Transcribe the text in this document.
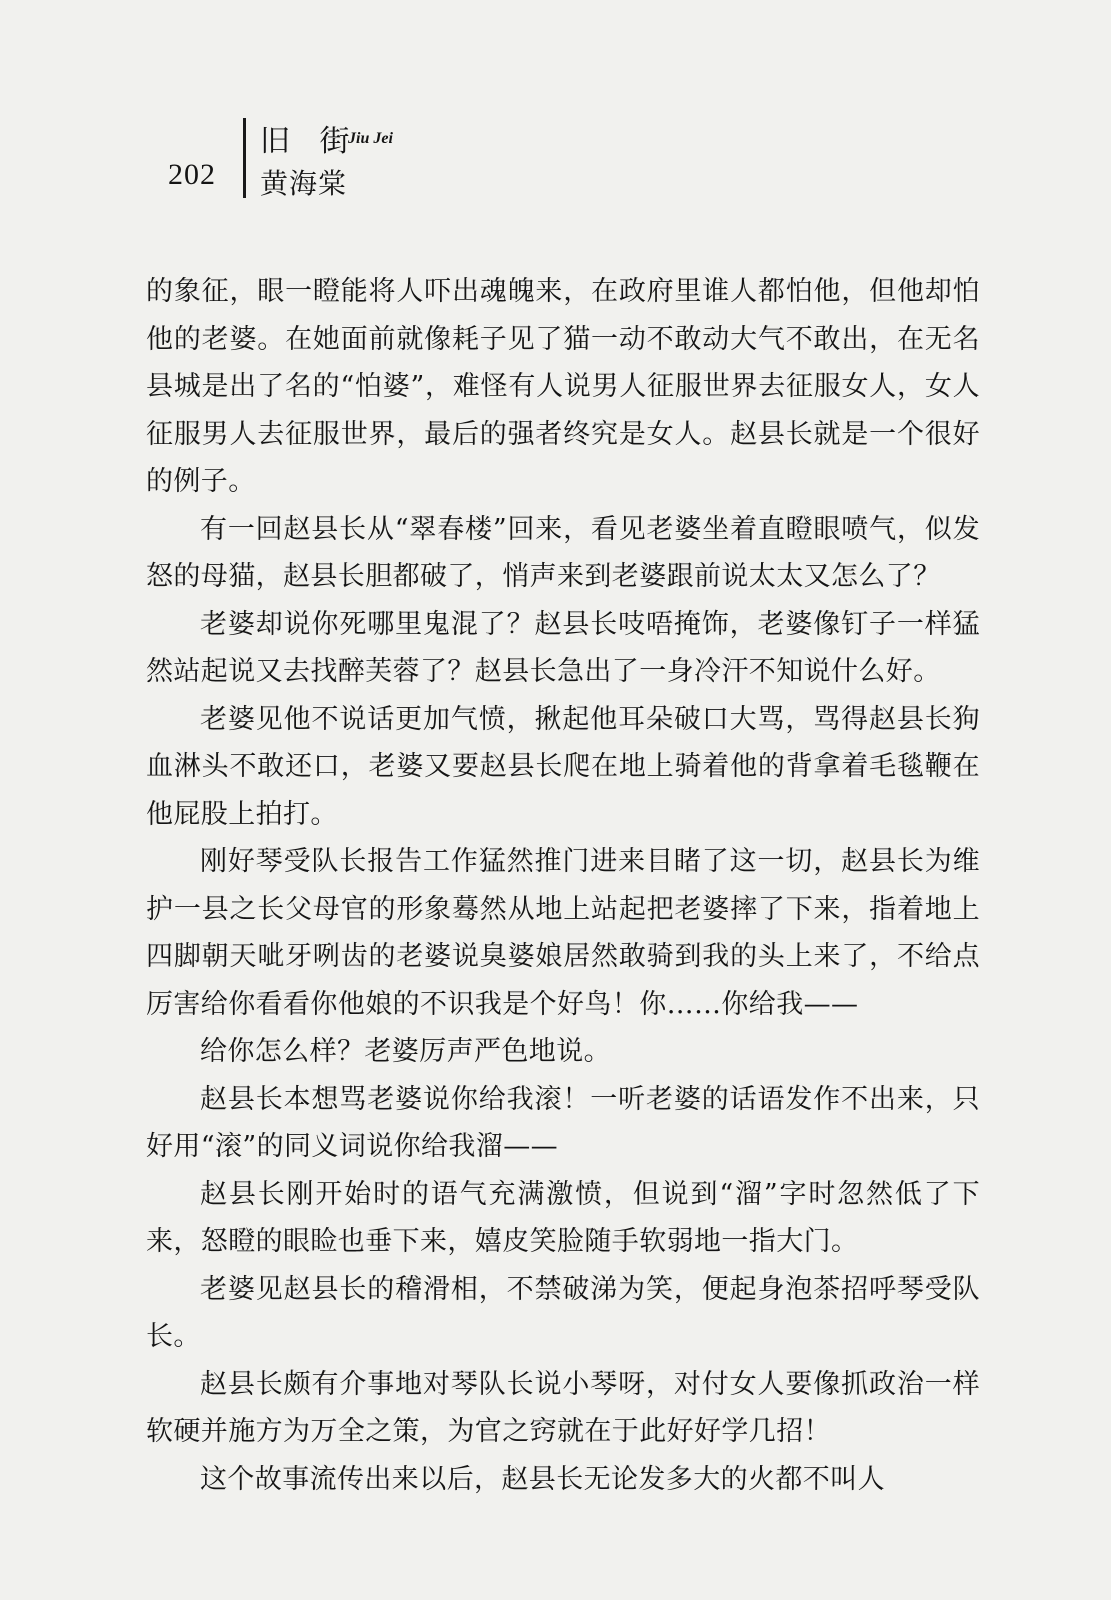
202
旧 街
Jiu Jei
黄海棠

的象征，眼一瞪能将人吓出魂魄来，在政府里谁人都怕他，但他却怕他的老婆。在她面前就像耗子见了猫一动不敢动大气不敢出，在无名县城是出了名的“怕婆”，难怪有人说男人征服世界去征服女人，女人征服男人去征服世界，最后的强者终究是女人。赵县长就是一个很好的例子。

有一回赵县长从“翠春楼”回来，看见老婆坐着直瞪眼喷气，似发怒的母猫，赵县长胆都破了，悄声来到老婆跟前说太太又怎么了？

老婆却说你死哪里鬼混了？赵县长吱唔掩饰，老婆像钉子一样猛然站起说又去找醉芙蓉了？赵县长急出了一身冷汗不知说什么好。

老婆见他不说话更加气愤，揪起他耳朵破口大骂，骂得赵县长狗血淋头不敢还口，老婆又要赵县长爬在地上骑着他的背拿着毛毯鞭在他屁股上拍打。

刚好琴受队长报告工作猛然推门进来目睹了这一切，赵县长为维护一县之长父母官的形象蓦然从地上站起把老婆摔了下来，指着地上四脚朝天呲牙咧齿的老婆说臭婆娘居然敢骑到我的头上来了，不给点厉害给你看看你他娘的不识我是个好鸟！你……你给我——

给你怎么样？老婆厉声严色地说。

赵县长本想骂老婆说你给我滚！一听老婆的话语发作不出来，只好用“滚”的同义词说你给我溜——

赵县长刚开始时的语气充满激愤，但说到“溜”字时忽然低了下来，怒瞪的眼睑也垂下来，嬉皮笑脸随手软弱地一指大门。

老婆见赵县长的稽滑相，不禁破涕为笑，便起身泡茶招呼琴受队长。

赵县长颇有介事地对琴队长说小琴呀，对付女人要像抓政治一样软硬并施方为万全之策，为官之窍就在于此好好学几招！

这个故事流传出来以后，赵县长无论发多大的火都不叫人
